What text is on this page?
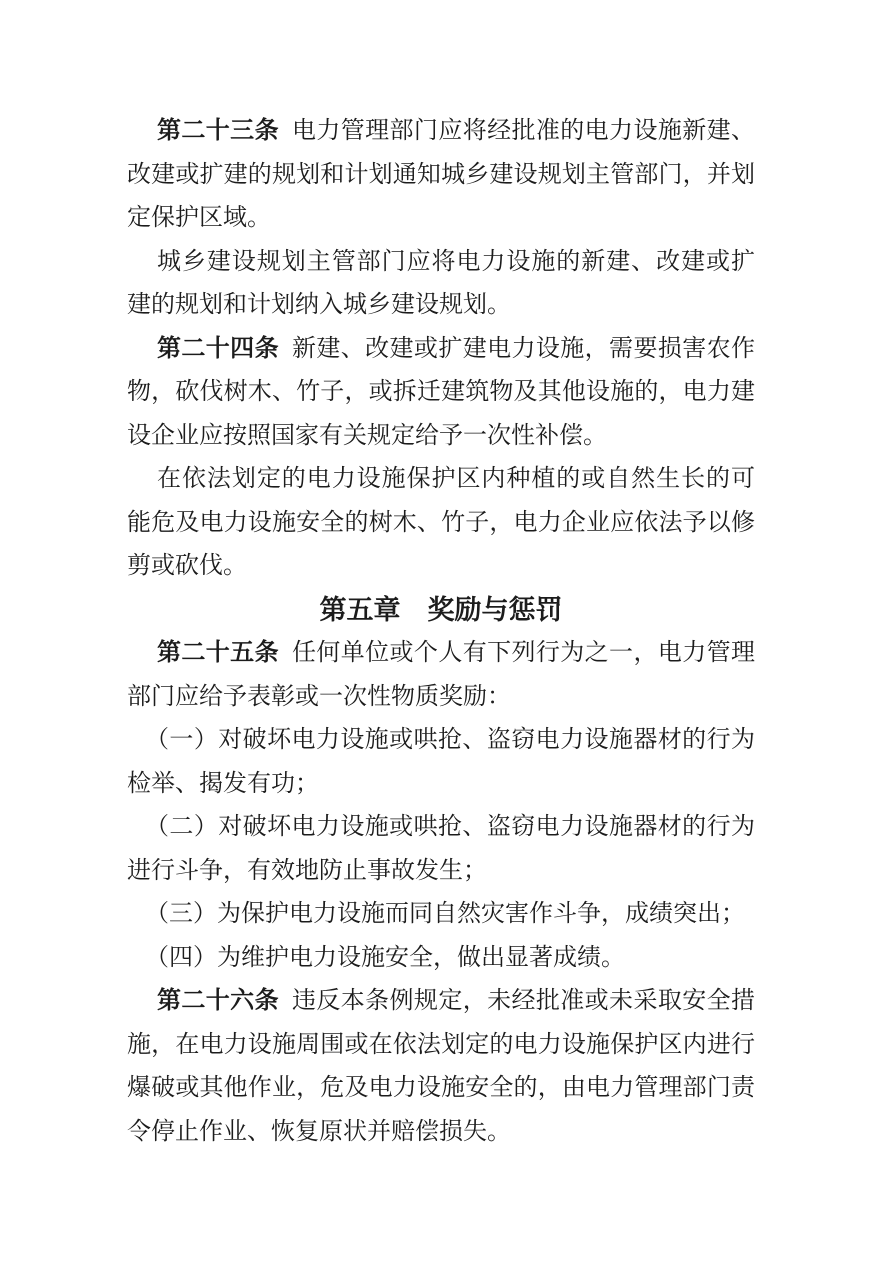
第二十三条 电力管理部门应将经批准的电力设施新建、改建或扩建的规划和计划通知城乡建设规划主管部门，并划定保护区域。

城乡建设规划主管部门应将电力设施的新建、改建或扩建的规划和计划纳入城乡建设规划。

第二十四条 新建、改建或扩建电力设施，需要损害农作物，砍伐树木、竹子，或拆迁建筑物及其他设施的，电力建设企业应按照国家有关规定给予一次性补偿。

在依法划定的电力设施保护区内种植的或自然生长的可能危及电力设施安全的树木、竹子，电力企业应依法予以修剪或砍伐。

第五章　奖励与惩罚

第二十五条 任何单位或个人有下列行为之一，电力管理部门应给予表彰或一次性物质奖励：

（一）对破坏电力设施或哄抢、盗窃电力设施器材的行为检举、揭发有功；

（二）对破坏电力设施或哄抢、盗窃电力设施器材的行为进行斗争，有效地防止事故发生；

（三）为保护电力设施而同自然灾害作斗争，成绩突出；

（四）为维护电力设施安全，做出显著成绩。

第二十六条 违反本条例规定，未经批准或未采取安全措施，在电力设施周围或在依法划定的电力设施保护区内进行爆破或其他作业，危及电力设施安全的，由电力管理部门责令停止作业、恢复原状并赔偿损失。
